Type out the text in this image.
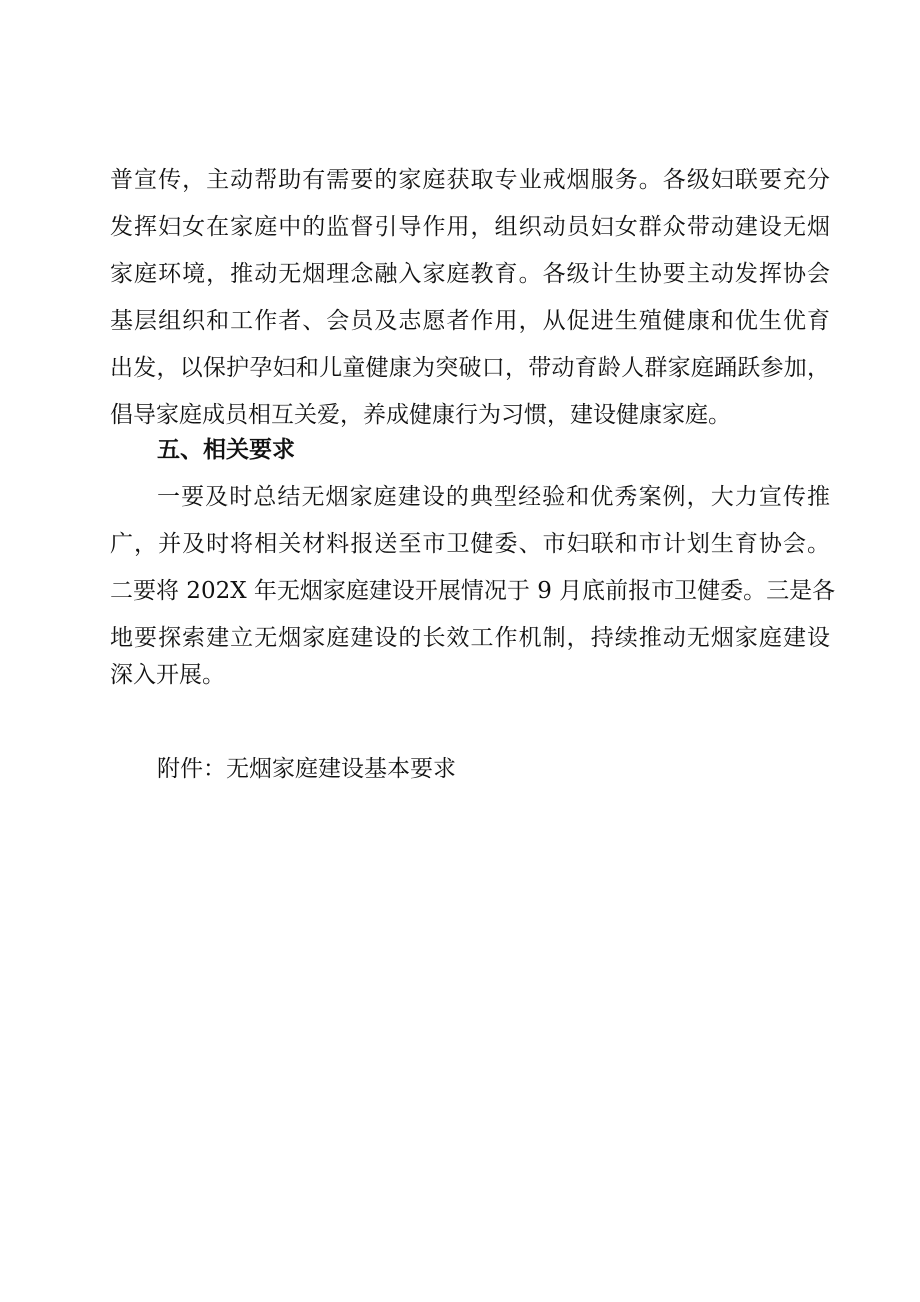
普宣传，主动帮助有需要的家庭获取专业戒烟服务。各级妇联要充分
发挥妇女在家庭中的监督引导作用，组织动员妇女群众带动建设无烟
家庭环境，推动无烟理念融入家庭教育。各级计生协要主动发挥协会
基层组织和工作者、会员及志愿者作用，从促进生殖健康和优生优育
出发，以保护孕妇和儿童健康为突破口，带动育龄人群家庭踊跃参加，
倡导家庭成员相互关爱，养成健康行为习惯，建设健康家庭。
五、相关要求
一要及时总结无烟家庭建设的典型经验和优秀案例，大力宣传推
广，并及时将相关材料报送至市卫健委、市妇联和市计划生育协会。
二要将 202X 年无烟家庭建设开展情况于 9 月底前报市卫健委。三是各
地要探索建立无烟家庭建设的长效工作机制，持续推动无烟家庭建设
深入开展。
附件：无烟家庭建设基本要求
